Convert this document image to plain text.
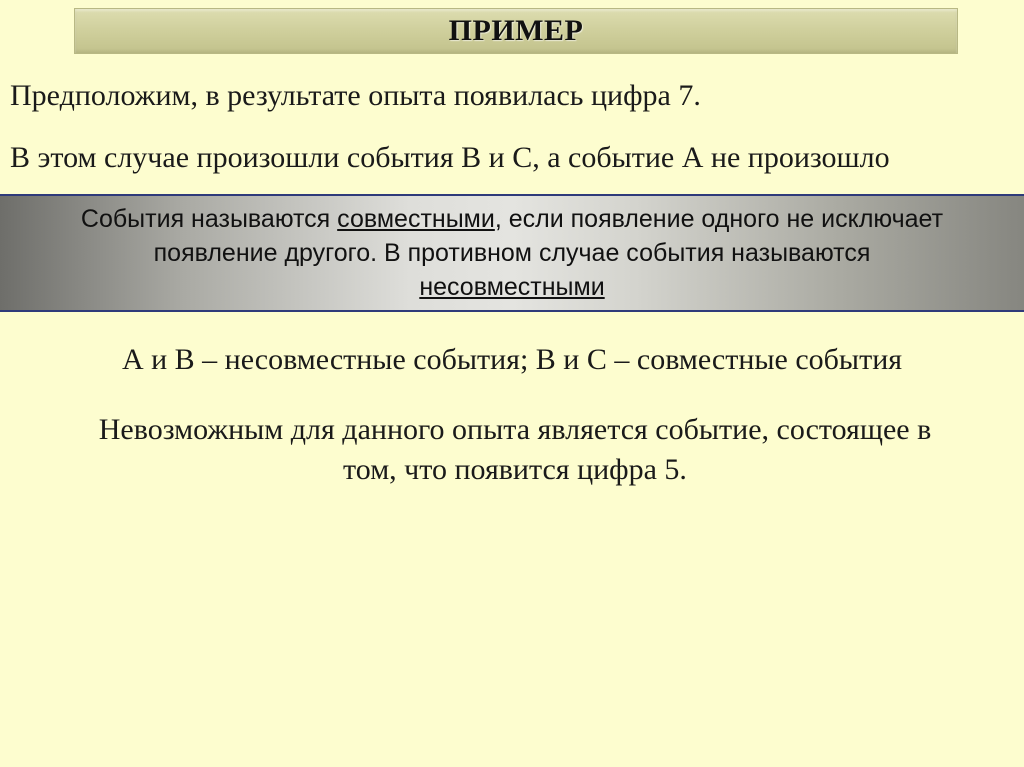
ПРИМЕР
Предположим, в результате опыта появилась цифра 7.
В этом случае произошли события В и С, а событие А не произошло
События называются совместными, если появление одного не исключает
появление другого. В противном случае события называются
несовместными
А и В – несовместные события; В и С – совместные события
Невозможным для данного опыта является событие, состоящее в
том, что появится цифра 5.
